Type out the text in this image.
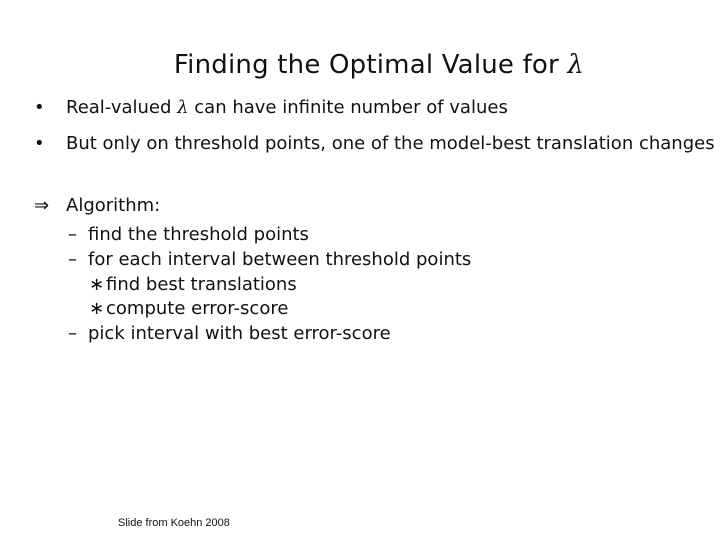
Finding the Optimal Value for λ
• Real-valued λ can have infinite number of values
• But only on threshold points, one of the model-best translation changes
⇒ Algorithm:
– find the threshold points
– for each interval between threshold points
∗ find best translations
∗ compute error-score
– pick interval with best error-score
Slide from Koehn 2008
